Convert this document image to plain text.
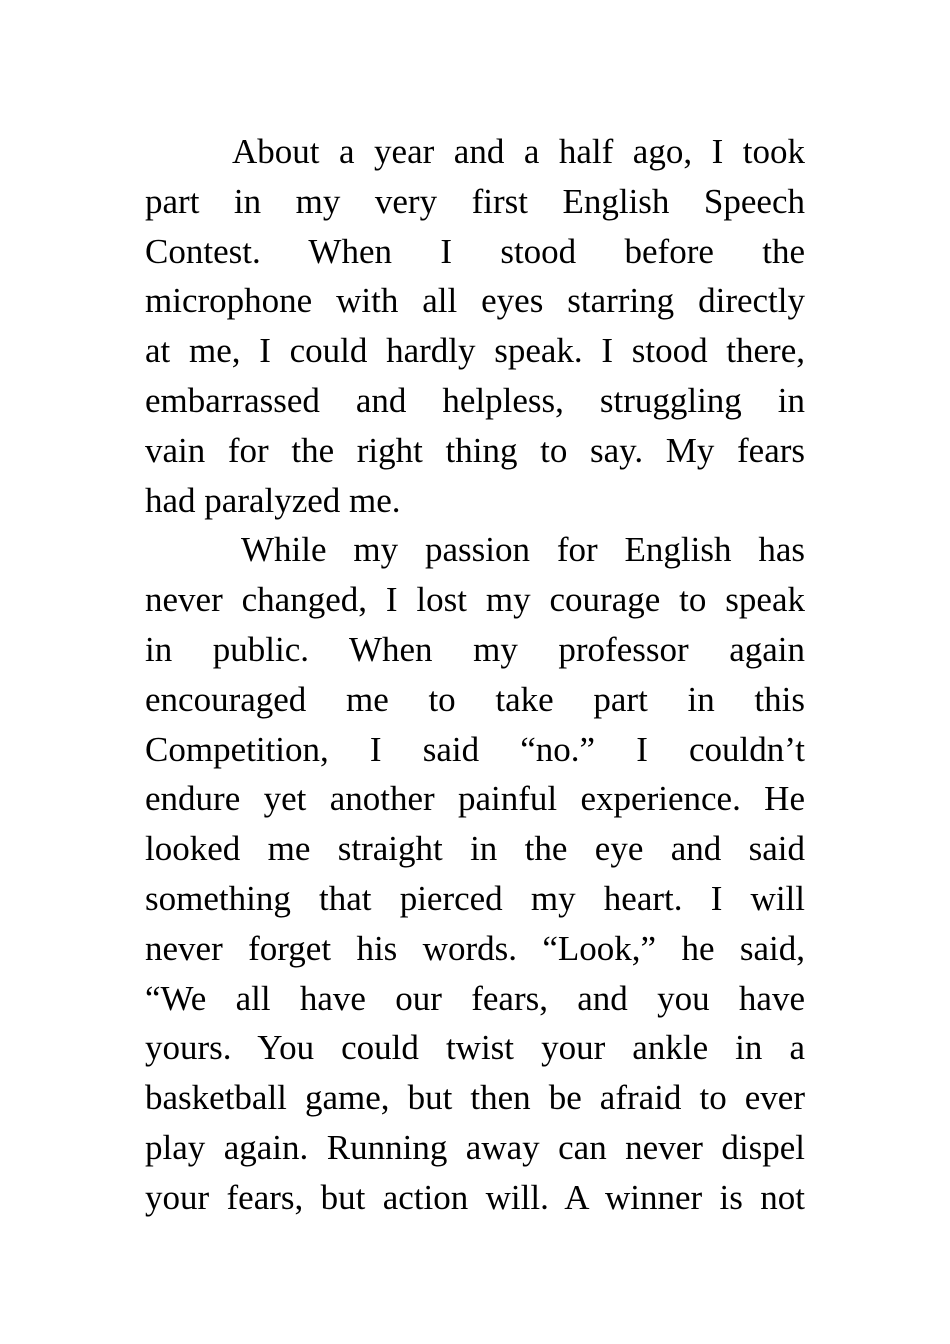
About a year and a half ago, I took
part in my very first English Speech
Contest. When I stood before the
microphone with all eyes starring directly
at me, I could hardly speak. I stood there,
embarrassed and helpless, struggling in
vain for the right thing to say. My fears
had paralyzed me.
While my passion for English has
never changed, I lost my courage to speak
in public. When my professor again
encouraged me to take part in this
Competition, I said “no.” I couldn’t
endure yet another painful experience. He
looked me straight in the eye and said
something that pierced my heart. I will
never forget his words. “Look,” he said,
“We all have our fears, and you have
yours. You could twist your ankle in a
basketball game, but then be afraid to ever
play again. Running away can never dispel
your fears, but action will. A winner is not
